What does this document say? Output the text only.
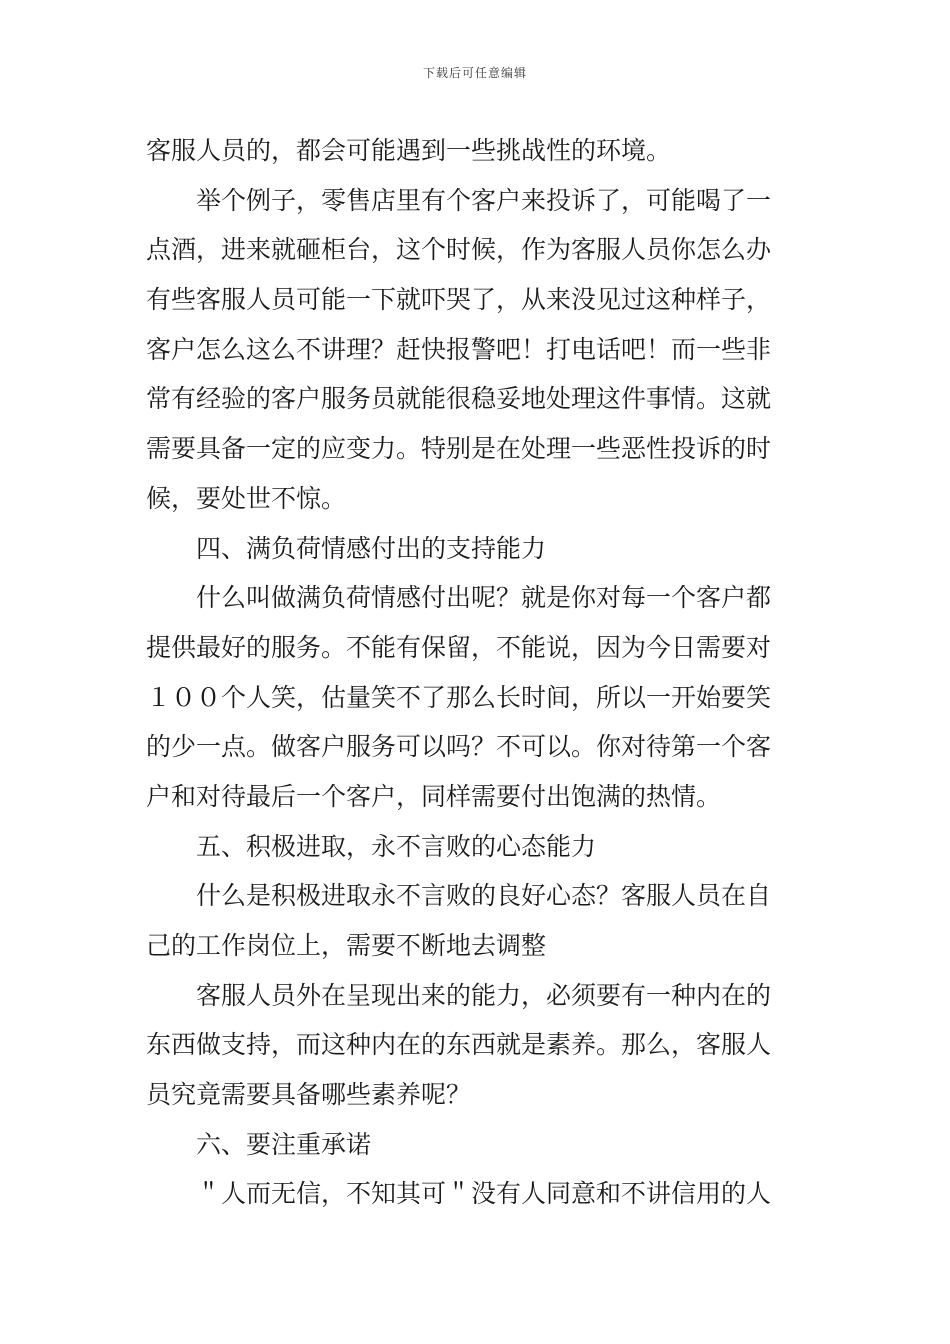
下载后可任意编辑
客服人员的，都会可能遇到一些挑战性的环境。
举个例子，零售店里有个客户来投诉了，可能喝了一
点酒，进来就砸柜台，这个时候，作为客服人员你怎么办
有些客服人员可能一下就吓哭了，从来没见过这种样子，
客户怎么这么不讲理？赶快报警吧！打电话吧！而一些非
常有经验的客户服务员就能很稳妥地处理这件事情。这就
需要具备一定的应变力。特别是在处理一些恶性投诉的时
候，要处世不惊。
四、满负荷情感付出的支持能力
什么叫做满负荷情感付出呢？就是你对每一个客户都
提供最好的服务。不能有保留，不能说，因为今日需要对
１００个人笑，估量笑不了那么长时间，所以一开始要笑
的少一点。做客户服务可以吗？不可以。你对待第一个客
户和对待最后一个客户，同样需要付出饱满的热情。
五、积极进取，永不言败的心态能力
什么是积极进取永不言败的良好心态？客服人员在自
己的工作岗位上，需要不断地去调整
客服人员外在呈现出来的能力，必须要有一种内在的
东西做支持，而这种内在的东西就是素养。那么，客服人
员究竟需要具备哪些素养呢？
六、要注重承诺
＂人而无信，不知其可＂没有人同意和不讲信用的人
